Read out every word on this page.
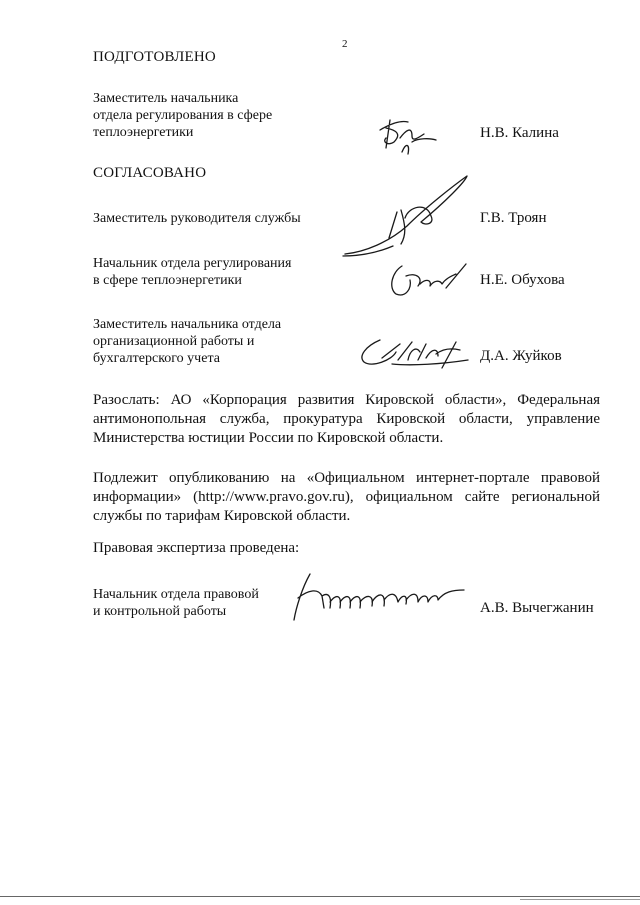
2
ПОДГОТОВЛЕНО
Заместитель начальника
отдела регулирования в сфере
теплоэнергетики	Н.В. Калина
СОГЛАСОВАНО
Заместитель руководителя службы	Г.В. Троян
Начальник отдела регулирования
в сфере теплоэнергетики	Н.Е. Обухова
Заместитель начальника отдела
организационной работы и
бухгалтерского учета	Д.А. Жуйков
Разослать: АО «Корпорация развития Кировской области», Федеральная антимонопольная служба, прокуратура Кировской области, управление Министерства юстиции России по Кировской области.
Подлежит опубликованию на «Официальном интернет-портале правовой информации» (http://www.pravo.gov.ru), официальном сайте региональной службы по тарифам Кировской области.
Правовая экспертиза проведена:
Начальник отдела правовой
и контрольной работы	А.В. Вычегжанин
